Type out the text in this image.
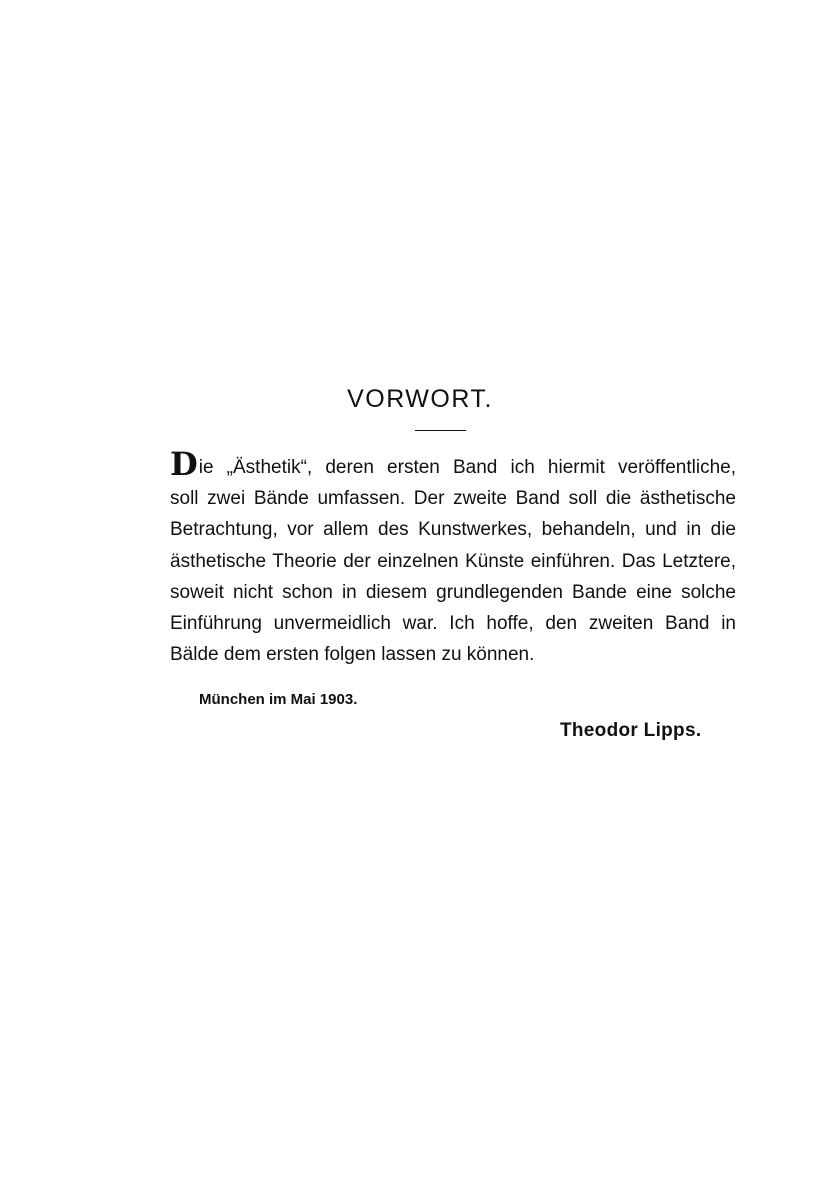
VORWORT.
Die „Ästhetik“, deren ersten Band ich hiermit veröffentliche,
soll zwei Bände umfassen. Der zweite Band soll die ästhetische
Betrachtung, vor allem des Kunstwerkes, behandeln, und in die
ästhetische Theorie der einzelnen Künste einführen. Das Letztere,
soweit nicht schon in diesem grundlegenden Bande eine solche
Einführung unvermeidlich war. Ich hoffe, den zweiten Band in
Bälde dem ersten folgen lassen zu können.
München im Mai 1903.
Theodor Lipps.
